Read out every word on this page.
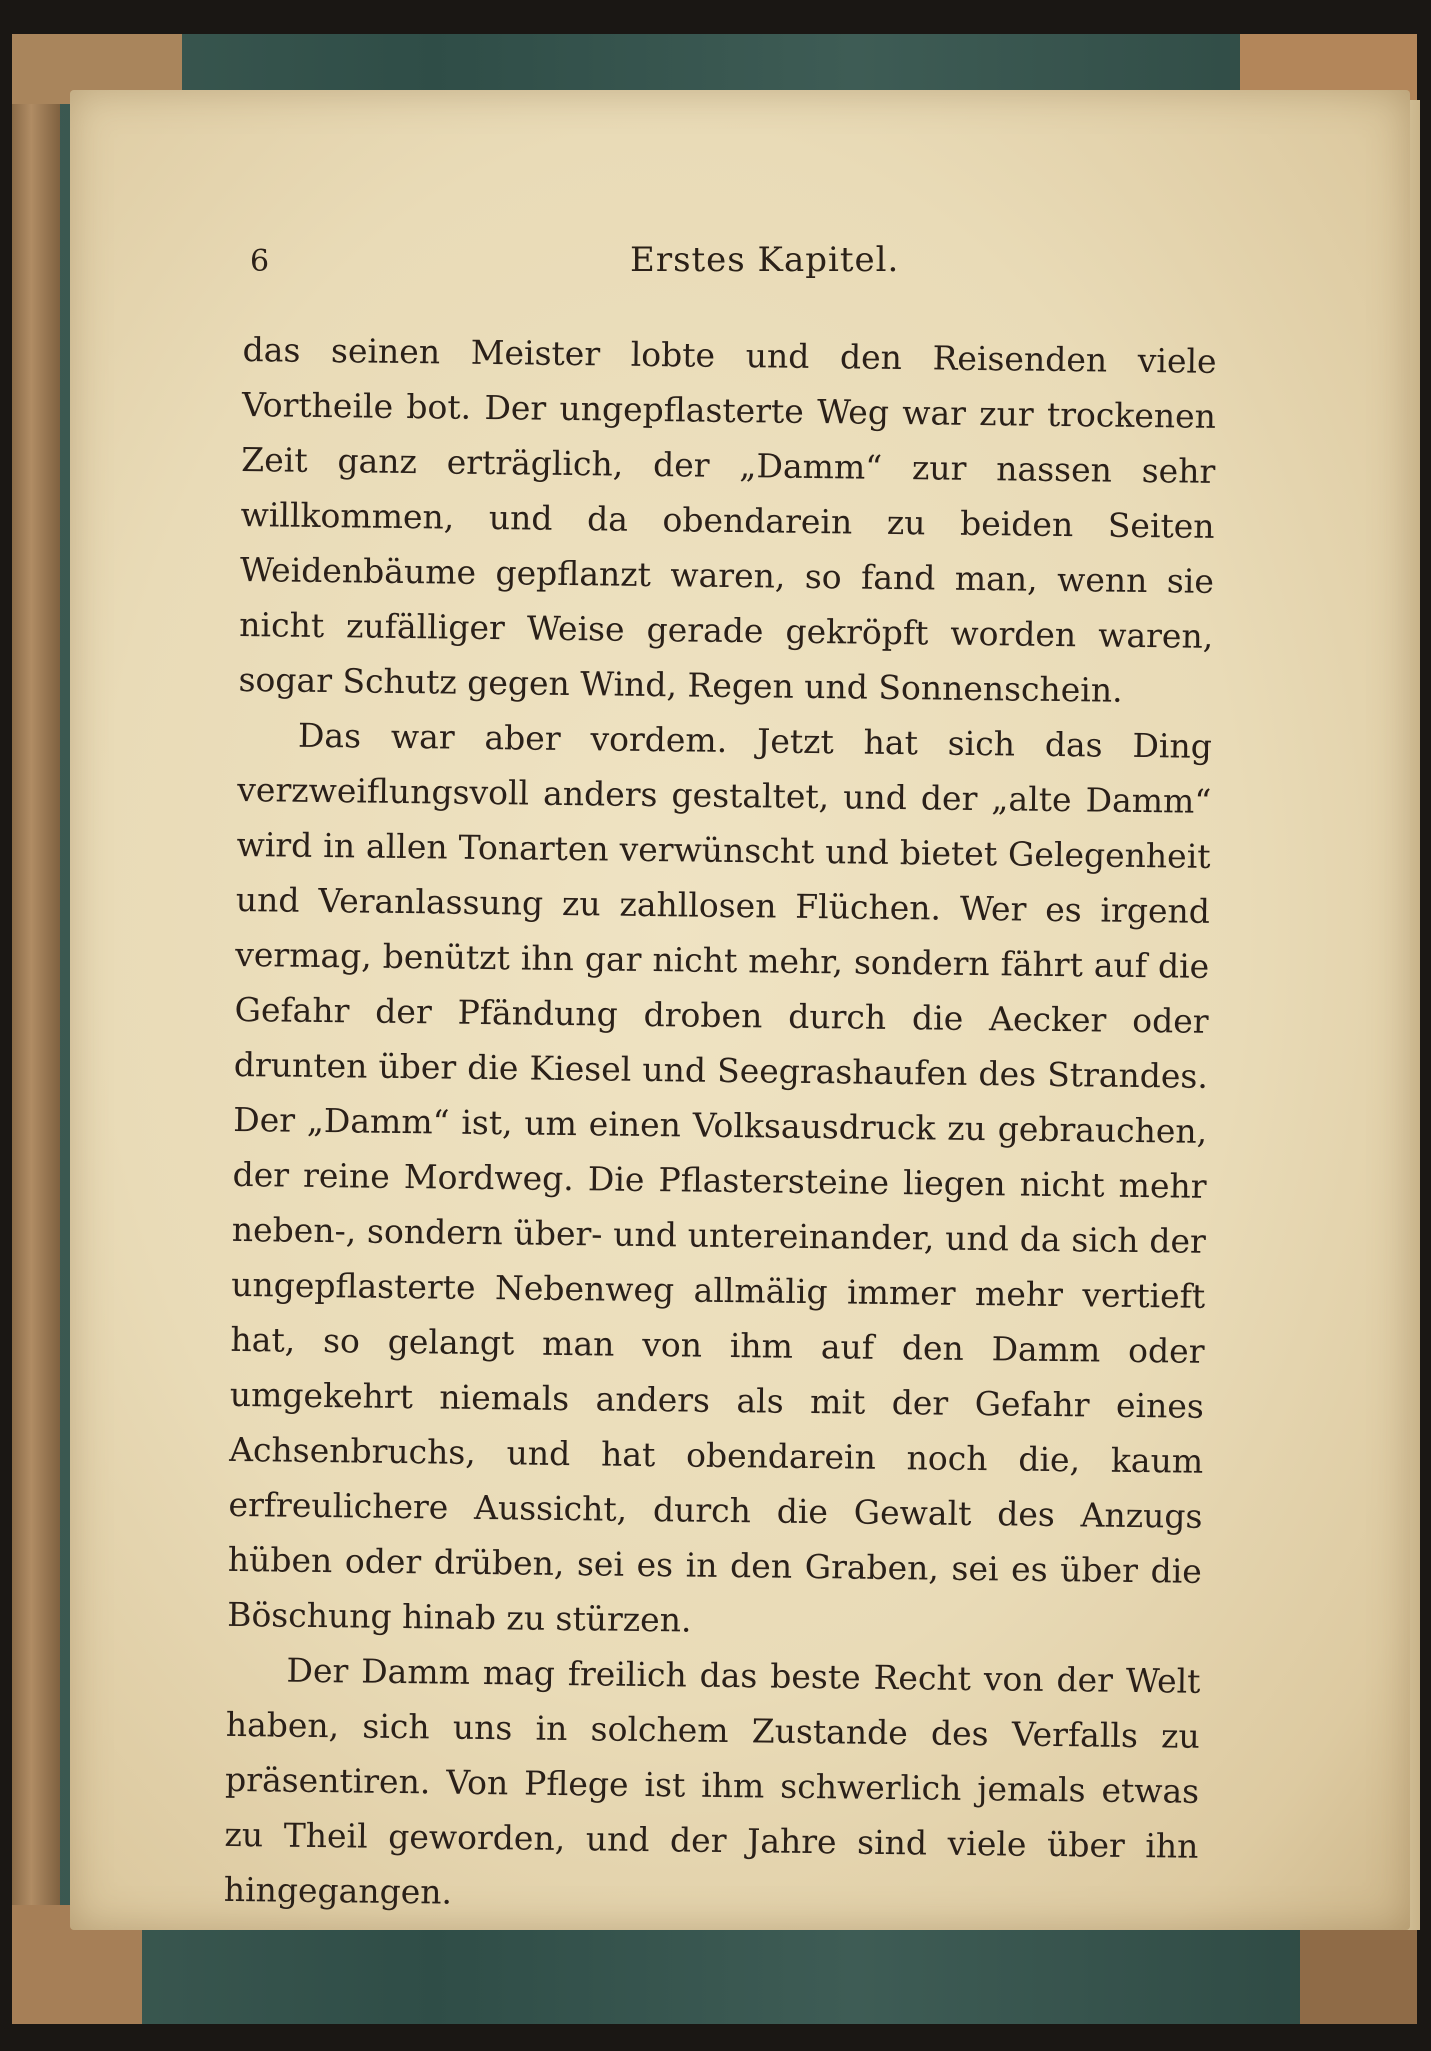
6	Erstes Kapitel.

das seinen Meister lobte und den Reisenden viele Vortheile bot. Der ungepflasterte Weg war zur trockenen Zeit ganz erträglich, der „Damm“ zur nassen sehr willkommen, und da obendarein zu beiden Seiten Weidenbäume gepflanzt waren, so fand man, wenn sie nicht zufälliger Weise gerade gekröpft worden waren, sogar Schutz gegen Wind, Regen und Sonnenschein.

Das war aber vordem. Jetzt hat sich das Ding verzweiflungsvoll anders gestaltet, und der „alte Damm“ wird in allen Tonarten verwünscht und bietet Gelegenheit und Veranlassung zu zahllosen Flüchen. Wer es irgend vermag, benützt ihn gar nicht mehr, sondern fährt auf die Gefahr der Pfändung droben durch die Aecker oder drunten über die Kiesel und Seegrashaufen des Strandes. Der „Damm“ ist, um einen Volksausdruck zu gebrauchen, der reine Mordweg. Die Pflastersteine liegen nicht mehr neben-, sondern über- und untereinander, und da sich der ungepflasterte Nebenweg allmälig immer mehr vertieft hat, so gelangt man von ihm auf den Damm oder umgekehrt niemals anders als mit der Gefahr eines Achsenbruchs, und hat obendarein noch die, kaum erfreulichere Aussicht, durch die Gewalt des Anzugs hüben oder drüben, sei es in den Graben, sei es über die Böschung hinab zu stürzen.

Der Damm mag freilich das beste Recht von der Welt haben, sich uns in solchem Zustande des Verfalls zu präsentiren. Von Pflege ist ihm schwerlich jemals etwas zu Theil geworden, und der Jahre sind viele über ihn hingegangen.
